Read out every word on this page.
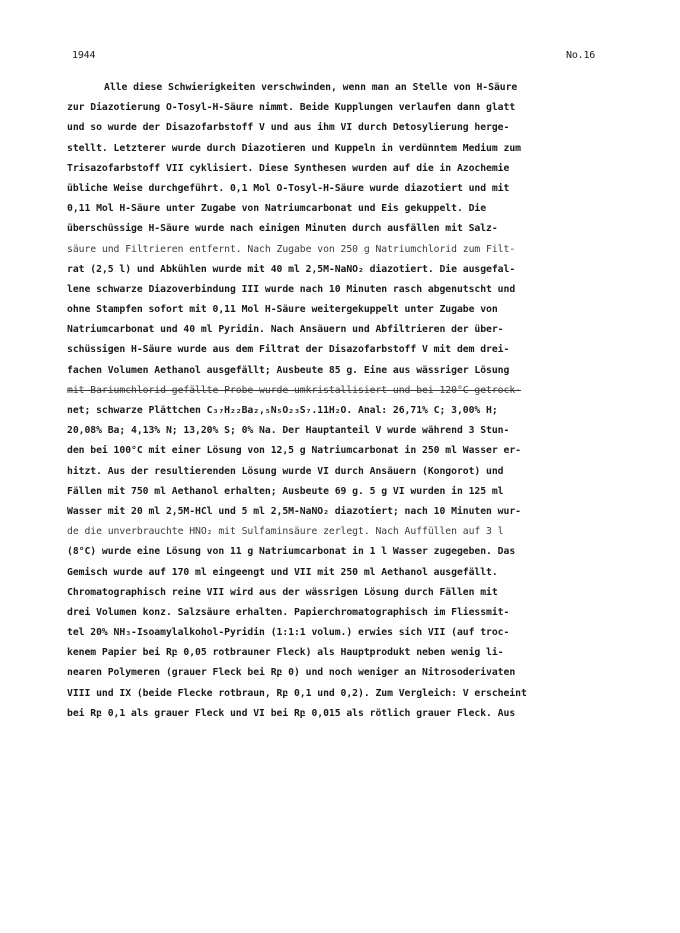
1944	No.16
Alle diese Schwierigkeiten verschwinden, wenn man an Stelle von H-Säure
zur Diazotierung O-Tosyl-H-Säure nimmt. Beide Kupplungen verlaufen dann glatt
und so wurde der Disazofarbstoff V und aus ihm VI durch Detosylierung herge-
stellt. Letzterer wurde durch Diazotieren und Kuppeln in verdünntem Medium zum
Trisazofarbstoff VII cyklisiert. Diese Synthesen wurden auf die in Azochemie
übliche Weise durchgeführt. 0,1 Mol O-Tosyl-H-Säure wurde diazotiert und mit
0,11 Mol H-Säure unter Zugabe von Natriumcarbonat und Eis gekuppelt. Die
überschüssige H-Säure wurde nach einigen Minuten durch ausfällen mit Salz-
säure und Filtrieren entfernt. Nach Zugabe von 250 g Natriumchlorid zum Filt-
rat (2,5 l) und Abkühlen wurde mit 40 ml 2,5M-NaNO₂ diazotiert. Die ausgefal-
lene schwarze Diazoverbindung III wurde nach 10 Minuten rasch abgenutscht und
ohne Stampfen sofort mit 0,11 Mol H-Säure weitergekuppelt unter Zugabe von
Natriumcarbonat und 40 ml Pyridin. Nach Ansäuern und Abfiltrieren der über-
schüssigen H-Säure wurde aus dem Filtrat der Disazofarbstoff V mit dem drei-
fachen Volumen Aethanol ausgefällt; Ausbeute 85 g. Eine aus wässriger Lösung
mit Bariumchlorid gefällte Probe wurde umkristallisiert und bei 120°C getrock-
net; schwarze Plättchen C₃₇H₂₂Ba₂,₅N₅O₂₃S₇.11H₂O. Anal: 26,71% C; 3,00% H;
20,08% Ba; 4,13% N; 13,20% S; 0% Na. Der Hauptanteil V wurde während 3 Stun-
den bei 100°C mit einer Lösung von 12,5 g Natriumcarbonat in 250 ml Wasser er-
hitzt. Aus der resultierenden Lösung wurde VI durch Ansäuern (Kongorot) und
Fällen mit 750 ml Aethanol erhalten; Ausbeute 69 g. 5 g VI wurden in 125 ml
Wasser mit 20 ml 2,5M-HCl und 5 ml 2,5M-NaNO₂ diazotiert; nach 10 Minuten wur-
de die unverbrauchte HNO₂ mit Sulfaminsäure zerlegt. Nach Auffüllen auf 3 l
(8°C) wurde eine Lösung von 11 g Natriumcarbonat in 1 l Wasser zugegeben. Das
Gemisch wurde auf 170 ml eingeengt und VII mit 250 ml Aethanol ausgefällt.
Chromatographisch reine VII wird aus der wässrigen Lösung durch Fällen mit
drei Volumen konz. Salzsäure erhalten. Papierchromatographisch im Fliessmit-
tel 20% NH₃-Isoamylalkohol-Pyridin (1:1:1 volum.) erwies sich VII (auf troc-
kenem Papier bei Rբ 0,05 rotbrauner Fleck) als Hauptprodukt neben wenig li-
nearen Polymeren (grauer Fleck bei Rբ 0) und noch weniger an Nitrosoderivaten
VIII und IX (beide Flecke rotbraun, Rբ 0,1 und 0,2). Zum Vergleich: V erscheint
bei Rբ 0,1 als grauer Fleck und VI bei Rբ 0,015 als rötlich grauer Fleck. Aus
